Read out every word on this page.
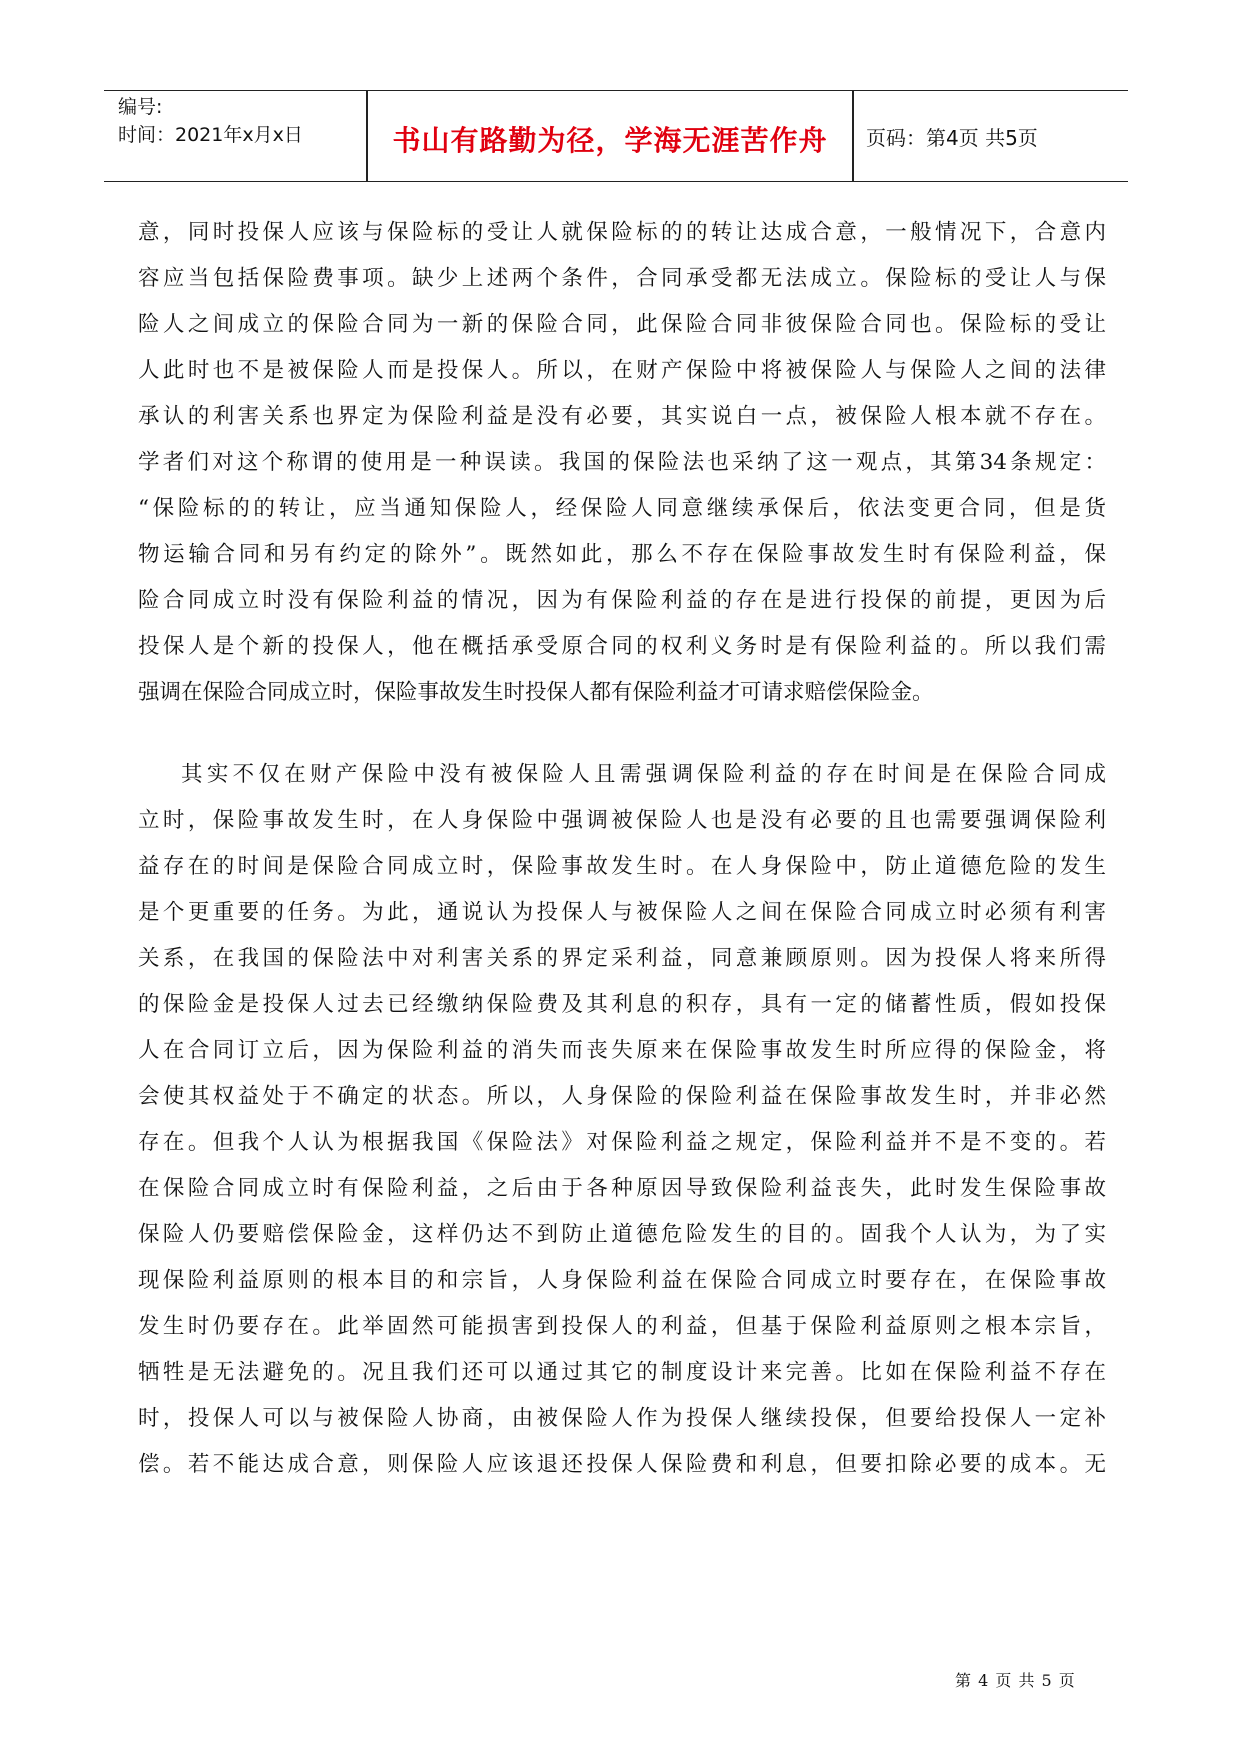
编号:
时间：2021年x月x日	书山有路勤为径，学海无涯苦作舟	页码：第4页 共5页
意，同时投保人应该与保险标的受让人就保险标的的转让达成合意，一般情况下，合意内
容应当包括保险费事项。缺少上述两个条件，合同承受都无法成立。保险标的受让人与保
险人之间成立的保险合同为一新的保险合同，此保险合同非彼保险合同也。保险标的受让
人此时也不是被保险人而是投保人。所以，在财产保险中将被保险人与保险人之间的法律
承认的利害关系也界定为保险利益是没有必要，其实说白一点，被保险人根本就不存在。
学者们对这个称谓的使用是一种误读。我国的保险法也采纳了这一观点，其第34条规定：
“保险标的的转让，应当通知保险人，经保险人同意继续承保后，依法变更合同，但是货
物运输合同和另有约定的除外”。既然如此，那么不存在保险事故发生时有保险利益，保
险合同成立时没有保险利益的情况，因为有保险利益的存在是进行投保的前提，更因为后
投保人是个新的投保人，他在概括承受原合同的权利义务时是有保险利益的。所以我们需
强调在保险合同成立时，保险事故发生时投保人都有保险利益才可请求赔偿保险金。
其实不仅在财产保险中没有被保险人且需强调保险利益的存在时间是在保险合同成
立时，保险事故发生时，在人身保险中强调被保险人也是没有必要的且也需要强调保险利
益存在的时间是保险合同成立时，保险事故发生时。在人身保险中，防止道德危险的发生
是个更重要的任务。为此，通说认为投保人与被保险人之间在保险合同成立时必须有利害
关系，在我国的保险法中对利害关系的界定采利益，同意兼顾原则。因为投保人将来所得
的保险金是投保人过去已经缴纳保险费及其利息的积存，具有一定的储蓄性质，假如投保
人在合同订立后，因为保险利益的消失而丧失原来在保险事故发生时所应得的保险金，将
会使其权益处于不确定的状态。所以，人身保险的保险利益在保险事故发生时，并非必然
存在。但我个人认为根据我国《保险法》对保险利益之规定，保险利益并不是不变的。若
在保险合同成立时有保险利益，之后由于各种原因导致保险利益丧失，此时发生保险事故
保险人仍要赔偿保险金，这样仍达不到防止道德危险发生的目的。固我个人认为，为了实
现保险利益原则的根本目的和宗旨，人身保险利益在保险合同成立时要存在，在保险事故
发生时仍要存在。此举固然可能损害到投保人的利益，但基于保险利益原则之根本宗旨，
牺牲是无法避免的。况且我们还可以通过其它的制度设计来完善。比如在保险利益不存在
时，投保人可以与被保险人协商，由被保险人作为投保人继续投保，但要给投保人一定补
偿。若不能达成合意，则保险人应该退还投保人保险费和利息，但要扣除必要的成本。无
第 4 页 共 5 页
